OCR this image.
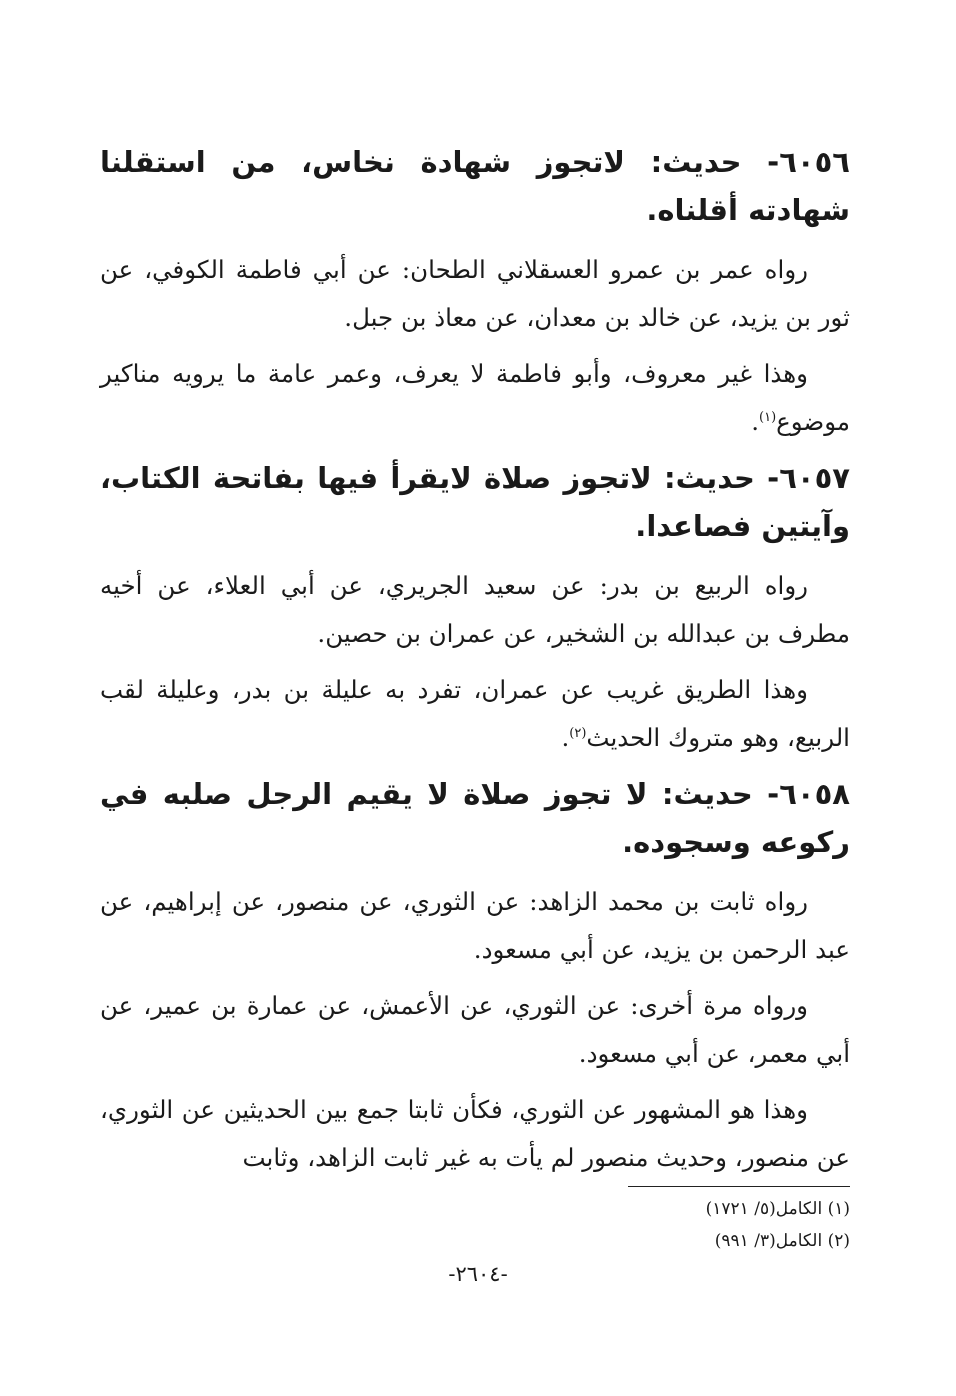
٦٠٥٦- حديث: لاتجوز شهادة نخاس، من استقلنا شهادته أقلناه.

رواه عمر بن عمرو العسقلاني الطحان: عن أبي فاطمة الكوفي، عن ثور بن يزيد، عن خالد بن معدان، عن معاذ بن جبل.

وهذا غير معروف، وأبو فاطمة لا يعرف، وعمر عامة ما يرويه مناكير موضوع$^{(١)}$.

٦٠٥٧- حديث: لاتجوز صلاة لايقرأ فيها بفاتحة الكتاب، وآيتين فصاعدا.

رواه الربيع بن بدر: عن سعيد الجريري، عن أبي العلاء، عن أخيه مطرف بن عبدالله بن الشخير، عن عمران بن حصين.

وهذا الطريق غريب عن عمران، تفرد به عليلة بن بدر، وعليلة لقب الربيع، وهو متروك الحديث$^{(٢)}$.

٦٠٥٨- حديث: لا تجوز صلاة لا يقيم الرجل صلبه في ركوعه وسجوده.

رواه ثابت بن محمد الزاهد: عن الثوري، عن منصور، عن إبراهيم، عن عبد الرحمن بن يزيد، عن أبي مسعود.

ورواه مرة أخرى: عن الثوري، عن الأعمش، عن عمارة بن عمير، عن أبي معمر، عن أبي مسعود.

وهذا هو المشهور عن الثوري، فكأن ثابتا جمع بين الحديثين عن الثوري، عن منصور، وحديث منصور لم يأت به غير ثابت الزاهد، وثابت

(١) الكامل(٥/ ١٧٢١)

(٢) الكامل(٣/ ٩٩١)

-٢٦٠٤-
